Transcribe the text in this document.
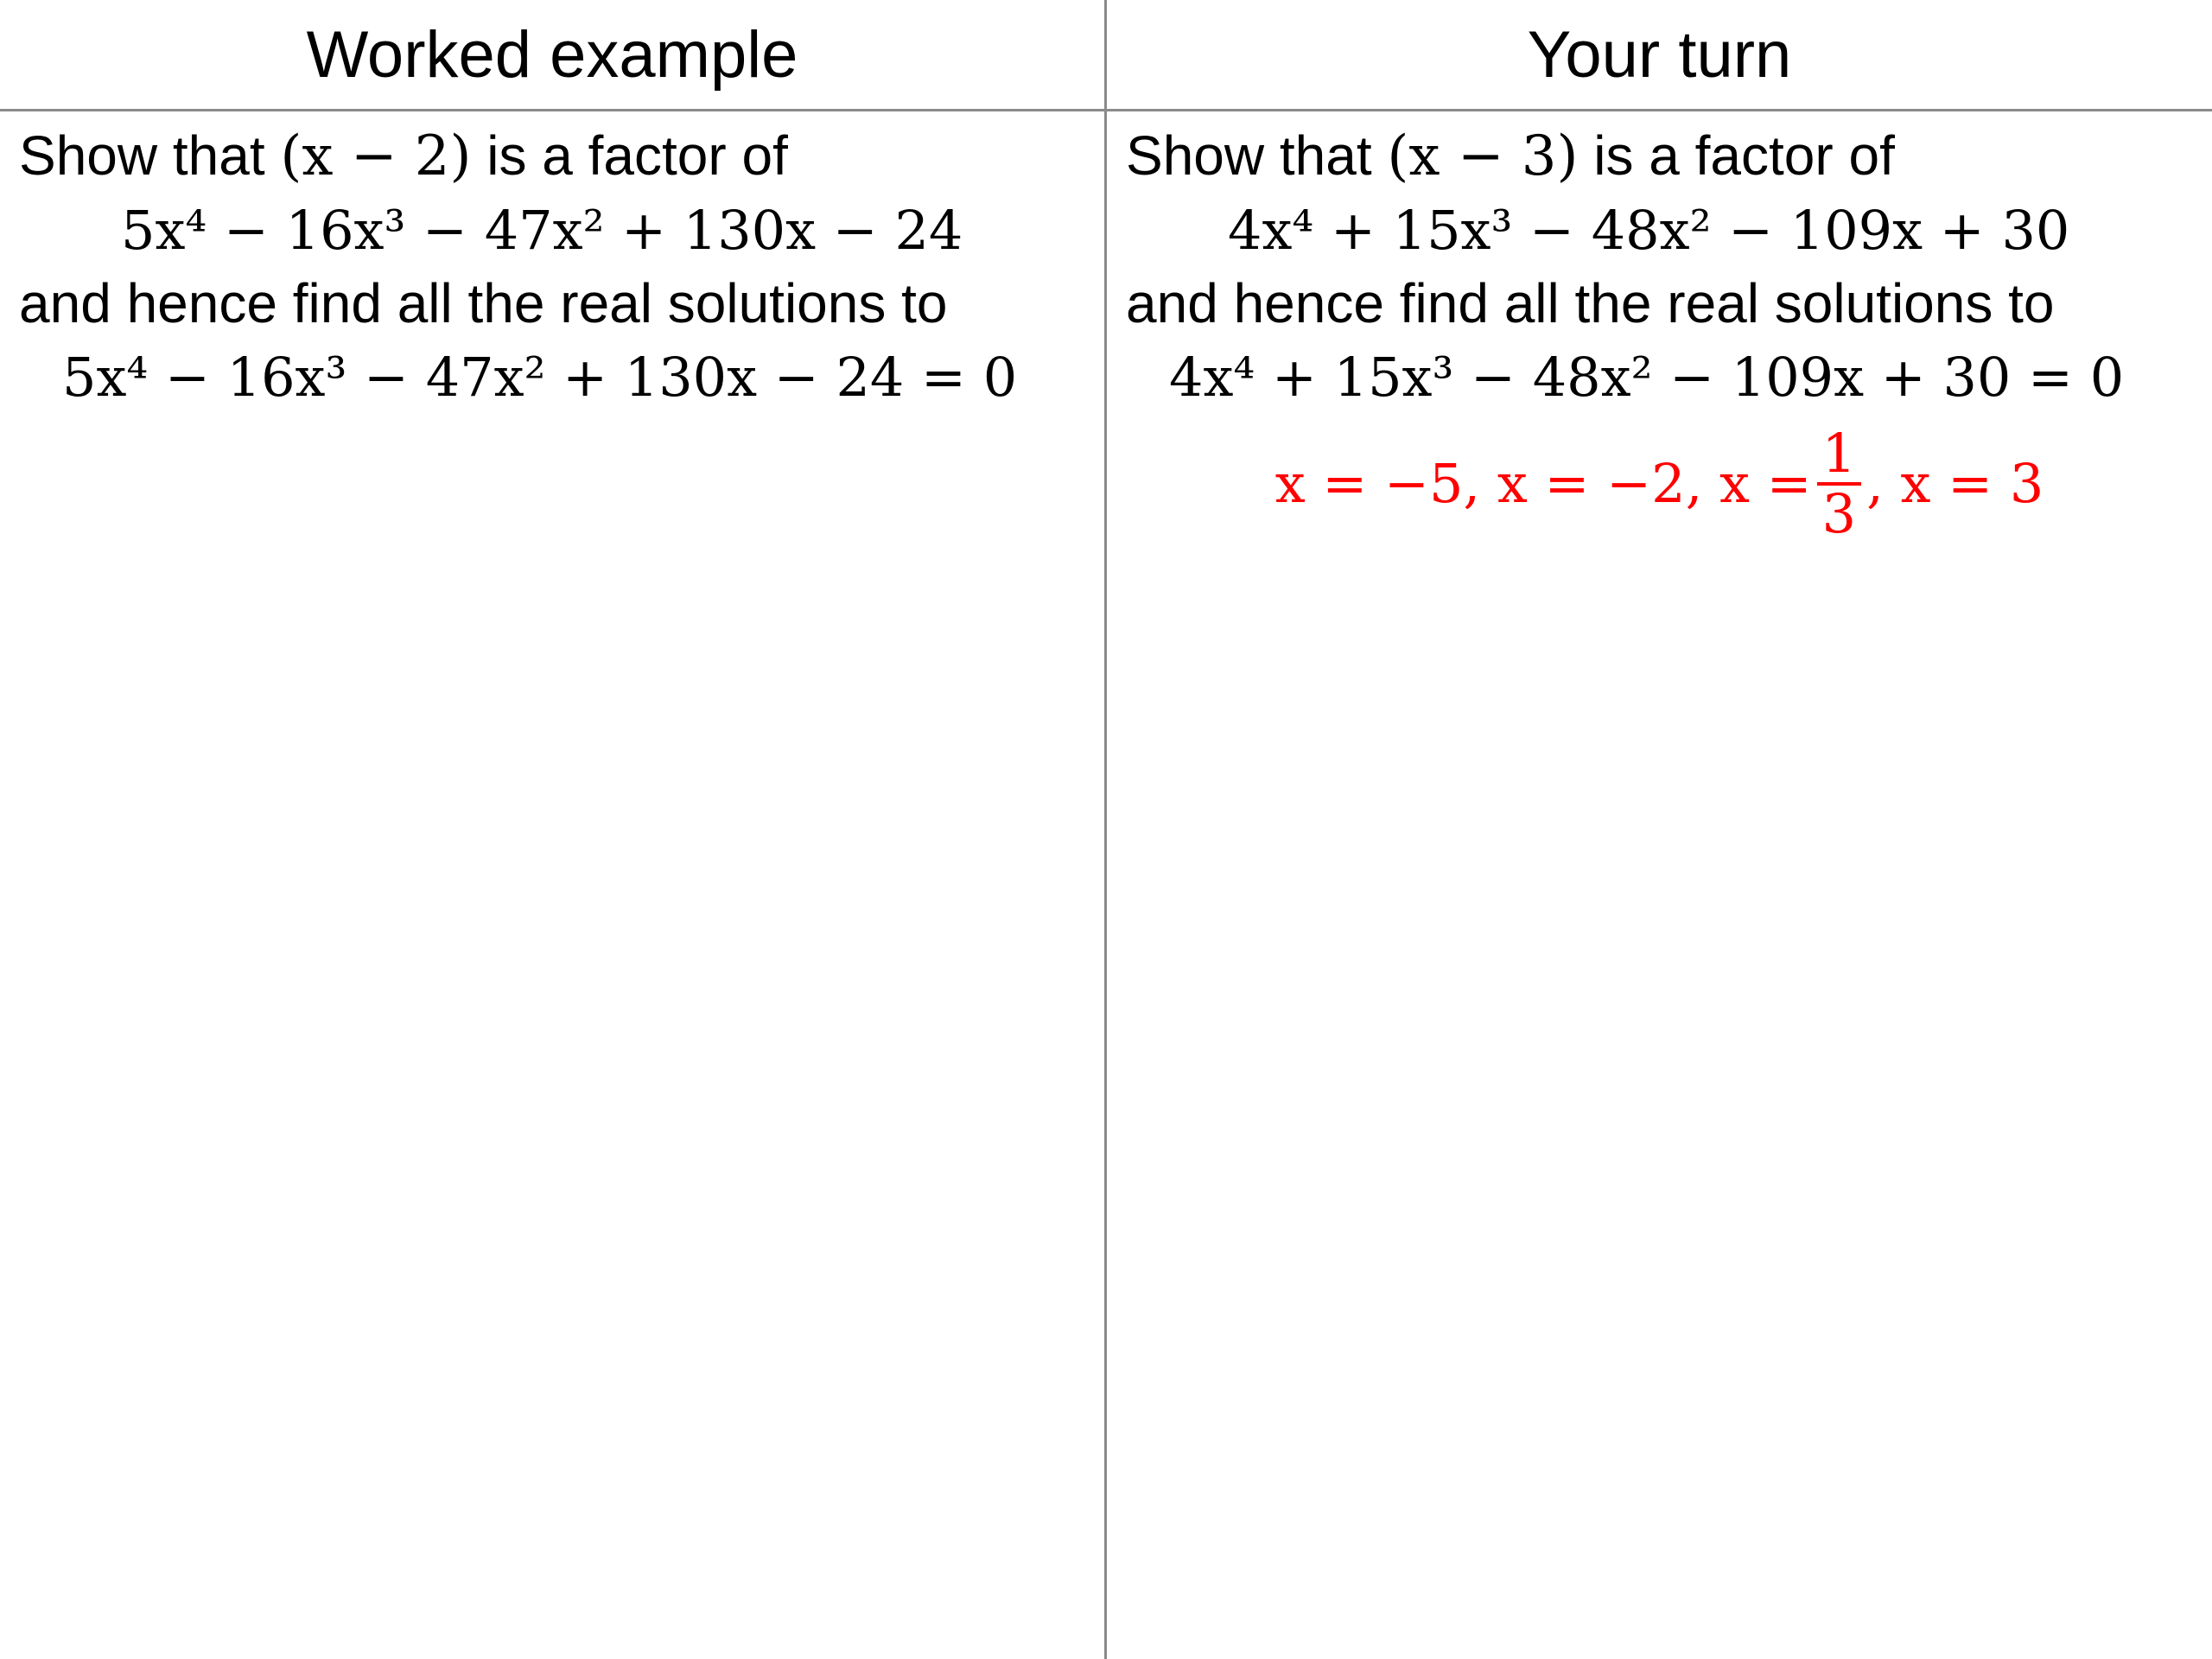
Worked example
Show that (x − 2) is a factor of
5x⁴ − 16x³ − 47x² + 130x − 24
and hence find all the real solutions to
5x⁴ − 16x³ − 47x² + 130x − 24 = 0
Your turn
Show that (x − 3) is a factor of
4x⁴ + 15x³ − 48x² − 109x + 30
and hence find all the real solutions to
4x⁴ + 15x³ − 48x² − 109x + 30 = 0
x = −5, x = −2, $x = \frac{1}{3}$ , x = 3
